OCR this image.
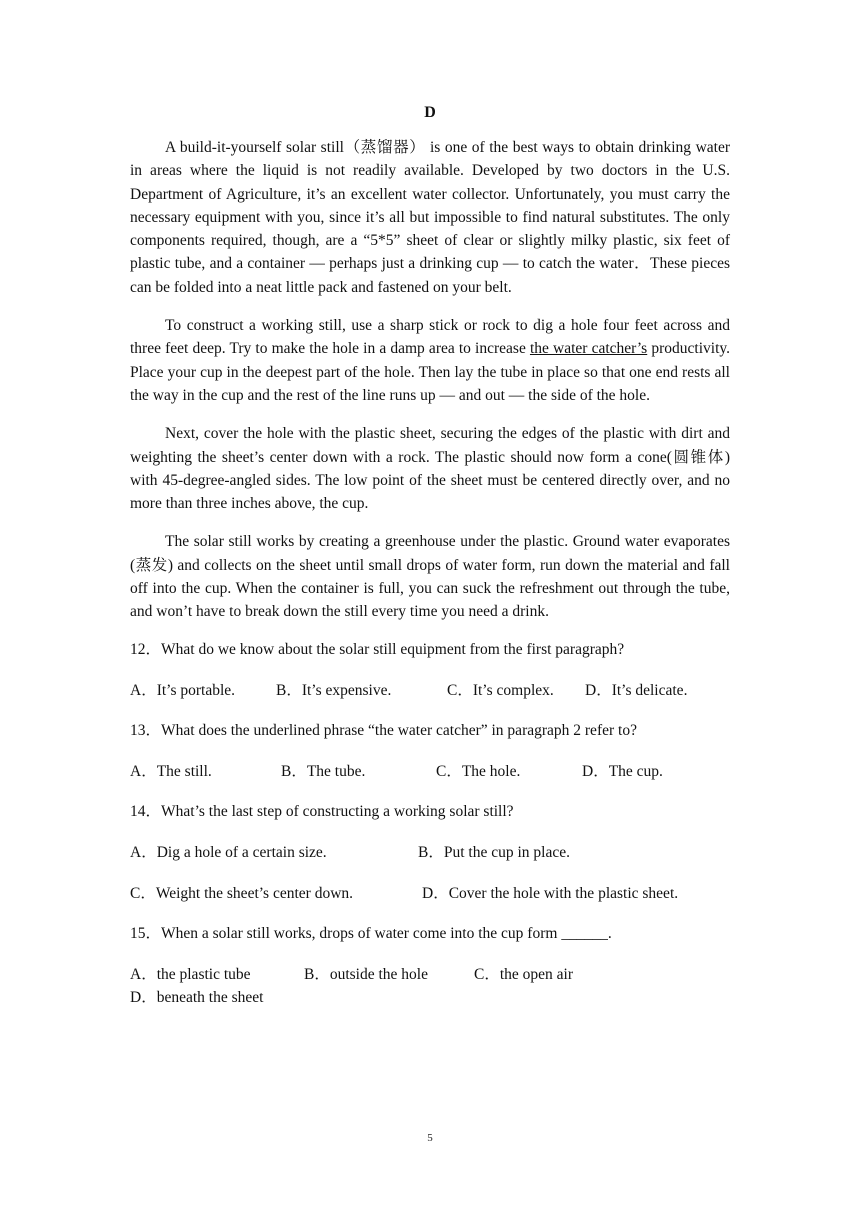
D

A build-it-yourself solar still（蒸馏器） is one of the best ways to obtain drinking water in areas where the liquid is not readily available. Developed by two doctors in the U.S. Department of Agriculture, it’s an excellent water collector. Unfortunately, you must carry the necessary equipment with you, since it’s all but impossible to find natural substitutes. The only components required, though, are a “5*5” sheet of clear or slightly milky plastic, six feet of plastic tube, and a container — perhaps just a drinking cup — to catch the water．These pieces can be folded into a neat little pack and fastened on your belt.

To construct a working still, use a sharp stick or rock to dig a hole four feet across and three feet deep. Try to make the hole in a damp area to increase the water catcher’s productivity. Place your cup in the deepest part of the hole. Then lay the tube in place so that one end rests all the way in the cup and the rest of the line runs up — and out — the side of the hole.

Next, cover the hole with the plastic sheet, securing the edges of the plastic with dirt and weighting the sheet’s center down with a rock. The plastic should now form a cone(圆锥体) with 45-degree-angled sides. The low point of the sheet must be centered directly over, and no more than three inches above, the cup.

The solar still works by creating a greenhouse under the plastic. Ground water evaporates (蒸发) and collects on the sheet until small drops of water form, run down the material and fall off into the cup. When the container is full, you can suck the refreshment out through the tube, and won’t have to break down the still every time you need a drink.

12．What do we know about the solar still equipment from the first paragraph?
A．It’s portable.	B．It’s expensive.	C．It’s complex. D．It’s delicate.
13．What does the underlined phrase “the water catcher” in paragraph 2 refer to?
A．The still.	B．The tube.	C．The hole.	D．The cup.
14．What’s the last step of constructing a working solar still?
A．Dig a hole of a certain size.	B．Put the cup in place.
C．Weight the sheet’s center down.	D．Cover the hole with the plastic sheet.
15．When a solar still works, drops of water come into the cup form ______.
A．the plastic tube	B．outside the hole	C．the open airD．beneath the sheet
5
